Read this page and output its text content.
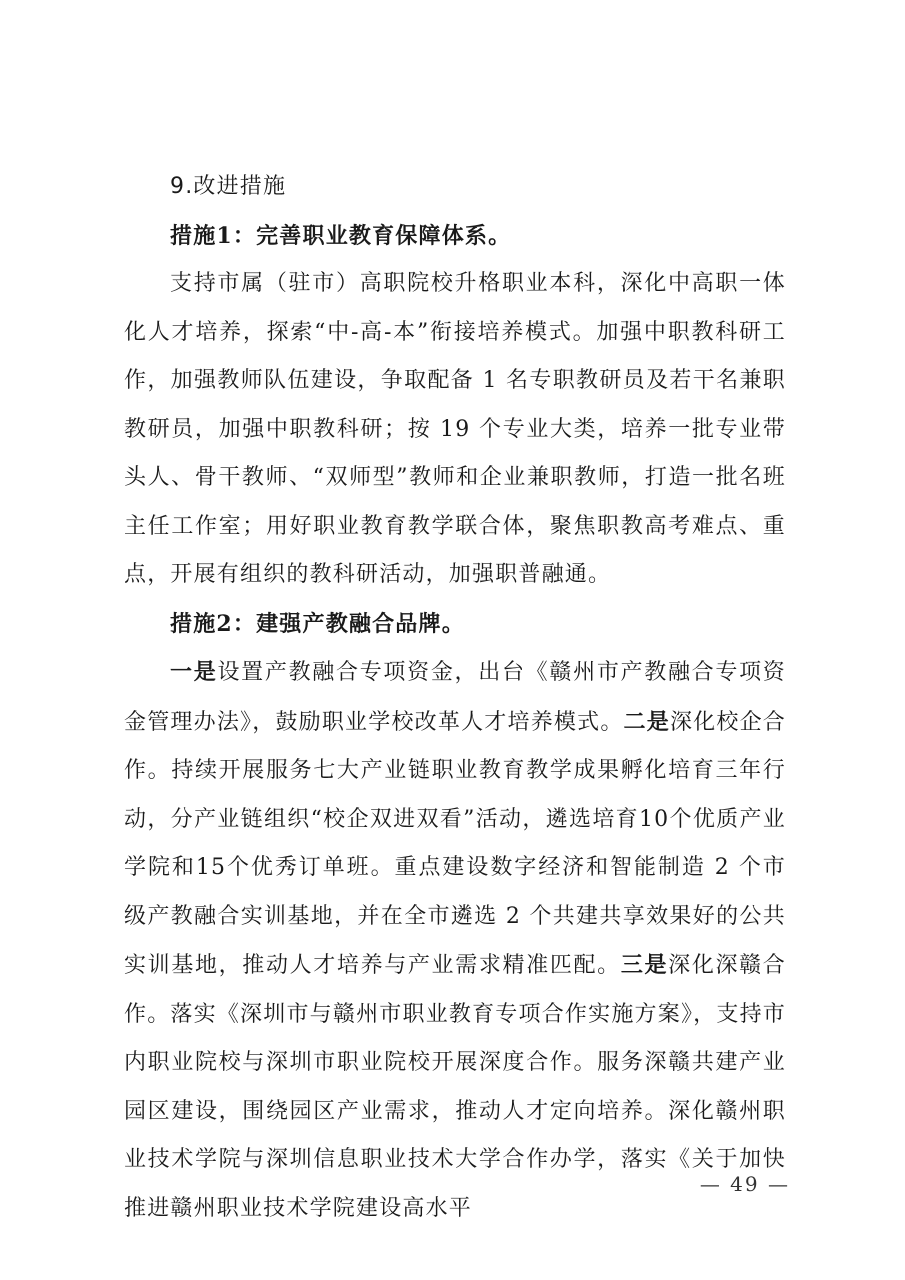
9.改进措施

措施1：完善职业教育保障体系。

支持市属（驻市）高职院校升格职业本科，深化中高职一体化人才培养，探索“中-高-本”衔接培养模式。加强中职教科研工作，加强教师队伍建设，争取配备 1 名专职教研员及若干名兼职教研员，加强中职教科研；按 19 个专业大类，培养一批专业带头人、骨干教师、“双师型”教师和企业兼职教师，打造一批名班主任工作室；用好职业教育教学联合体，聚焦职教高考难点、重点，开展有组织的教科研活动，加强职普融通。

措施2：建强产教融合品牌。

一是设置产教融合专项资金，出台《赣州市产教融合专项资金管理办法》，鼓励职业学校改革人才培养模式。二是深化校企合作。持续开展服务七大产业链职业教育教学成果孵化培育三年行动，分产业链组织“校企双进双看”活动，遴选培育10个优质产业学院和15个优秀订单班。重点建设数字经济和智能制造 2 个市级产教融合实训基地，并在全市遴选 2 个共建共享效果好的公共实训基地，推动人才培养与产业需求精准匹配。三是深化深赣合作。落实《深圳市与赣州市职业教育专项合作实施方案》，支持市内职业院校与深圳市职业院校开展深度合作。服务深赣共建产业园区建设，围绕园区产业需求，推动人才定向培养。深化赣州职业技术学院与深圳信息职业技术大学合作办学，落实《关于加快推进赣州职业技术学院建设高水平

— 49 —
